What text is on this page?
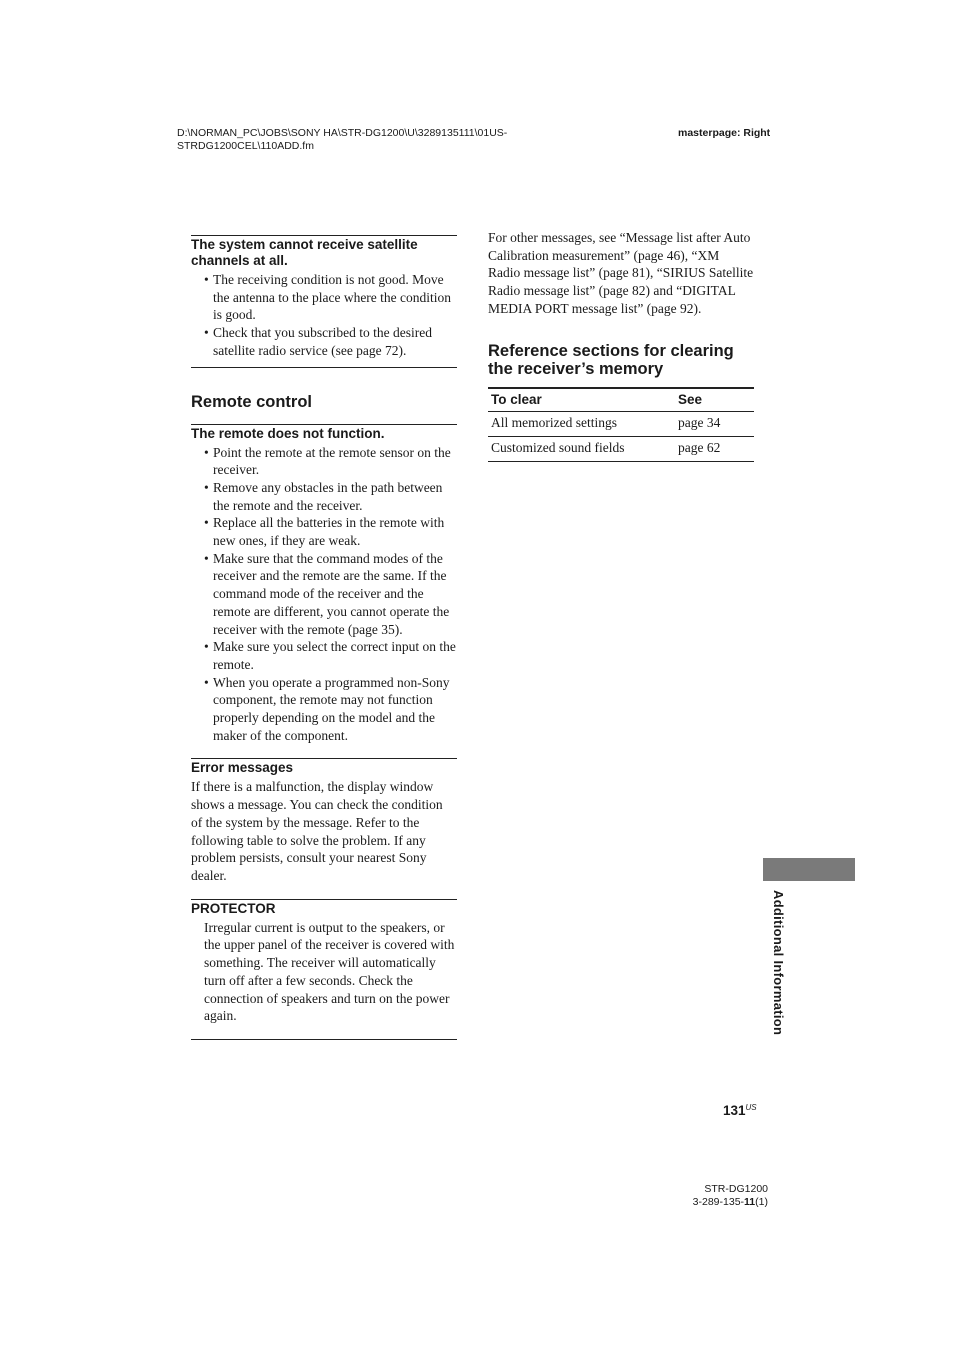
D:\NORMAN_PC\JOBS\SONY HA\STR-DG1200\U\3289135111\01US-
STRDG1200CEL\110ADD.fm
masterpage: Right
The system cannot receive satellite channels at all.
• The receiving condition is not good. Move the antenna to the place where the condition is good.
• Check that you subscribed to the desired satellite radio service (see page 72).
Remote control
The remote does not function.
• Point the remote at the remote sensor on the receiver.
• Remove any obstacles in the path between the remote and the receiver.
• Replace all the batteries in the remote with new ones, if they are weak.
• Make sure that the command modes of the receiver and the remote are the same. If the command mode of the receiver and the remote are different, you cannot operate the receiver with the remote (page 35).
• Make sure you select the correct input on the remote.
• When you operate a programmed non-Sony component, the remote may not function properly depending on the model and the maker of the component.
Error messages
If there is a malfunction, the display window shows a message. You can check the condition of the system by the message. Refer to the following table to solve the problem. If any problem persists, consult your nearest Sony dealer.
PROTECTOR
Irregular current is output to the speakers, or the upper panel of the receiver is covered with something. The receiver will automatically turn off after a few seconds. Check the connection of speakers and turn on the power again.
For other messages, see “Message list after Auto Calibration measurement” (page 46), “XM Radio message list” (page 81), “SIRIUS Satellite Radio message list” (page 82) and “DIGITAL MEDIA PORT message list” (page 92).
Reference sections for clearing the receiver’s memory
To clear	See
All memorized settings	page 34
Customized sound fields	page 62
Additional Information
$131^{US}$
STR-DG1200
3-289-135-11(1)
